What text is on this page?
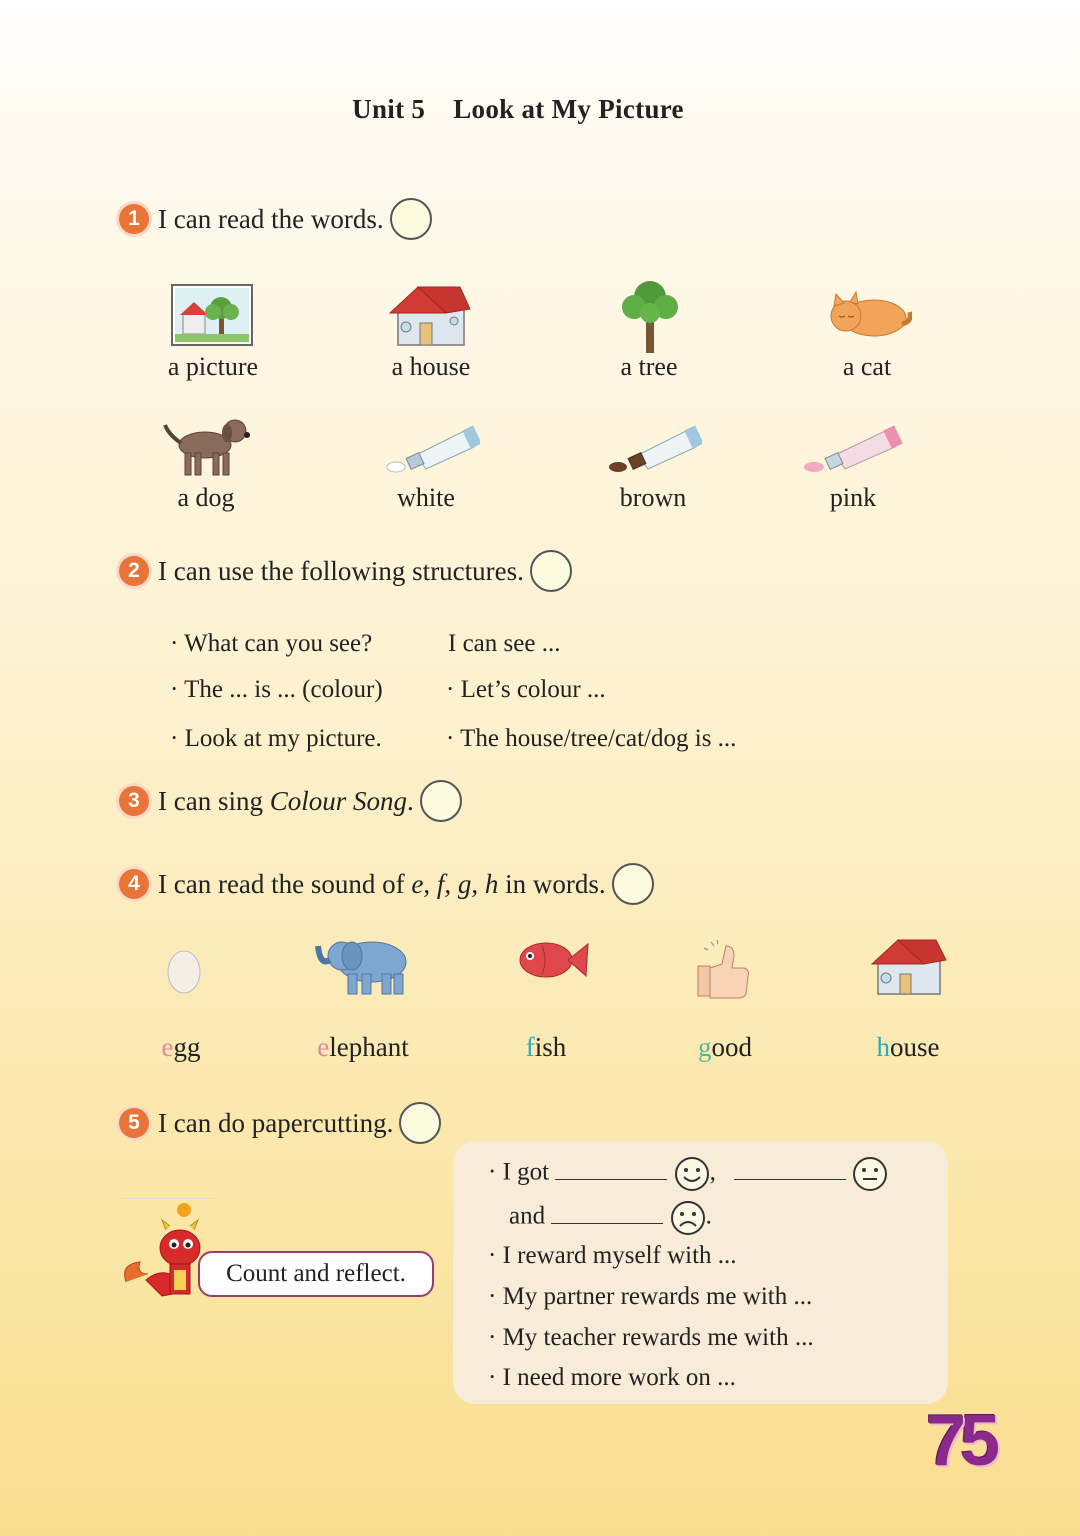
Unit 5 Look at My Picture
1 I can read the words.
a picture	a house	a tree	a cat
a dog	white	brown	pink
2 I can use the following structures.
· What can you see?
· The ... is ... (colour)
· Look at my picture.
I can see ...
· Let’s colour ...
· The house/tree/cat/dog is ...
3 I can sing Colour Song .
4 I can read the sound of e, f, g, h in words.
egg	elephant	fish	good	house
5 I can do papercutting.
Count and reflect.
· I got	,
and	.
· I reward myself with ...
· My partner rewards me with ...
· My teacher rewards me with ...
· I need more work on ...
75
